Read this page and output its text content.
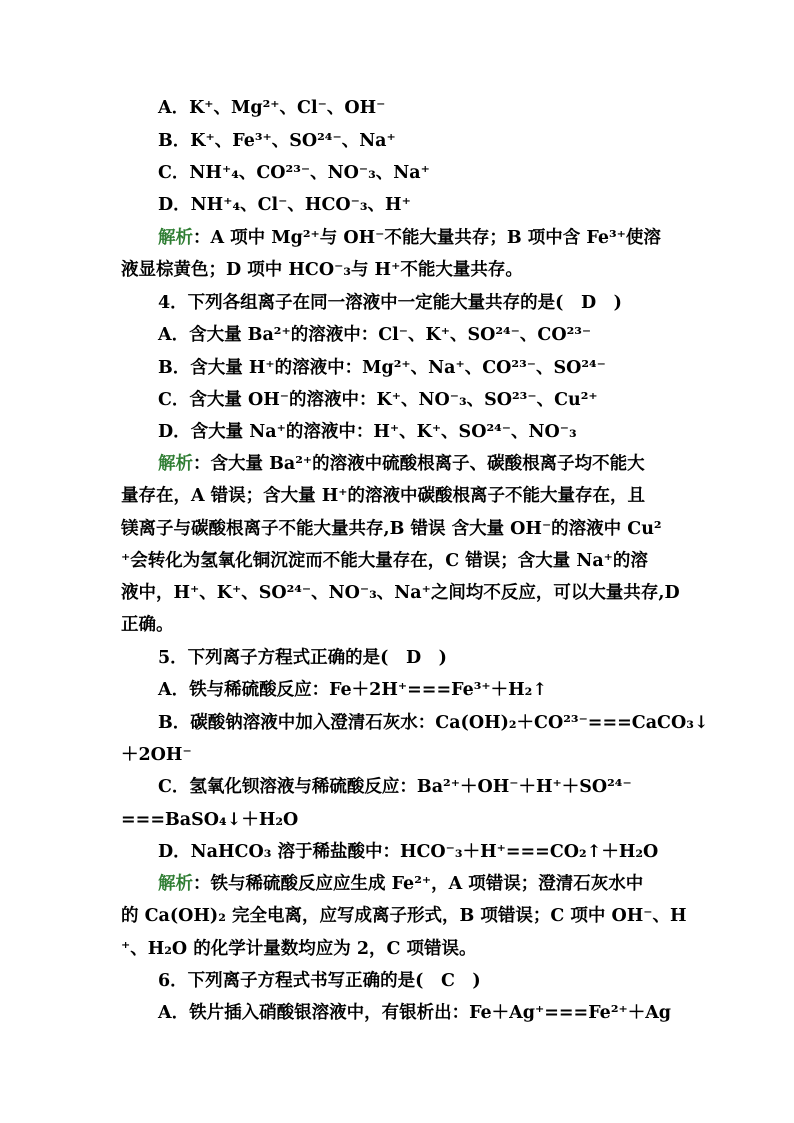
A．K⁺、Mg²⁺、Cl⁻、OH⁻
B．K⁺、Fe³⁺、SO²⁴⁻、Na⁺
C．NH⁺₄、CO²³⁻、NO⁻₃、Na⁺
D．NH⁺₄、Cl⁻、HCO⁻₃、H⁺
解析：A 项中 Mg²⁺与 OH⁻不能大量共存；B 项中含 Fe³⁺使溶
液显棕黄色；D 项中 HCO⁻₃与 H⁺不能大量共存。
4．下列各组离子在同一溶液中一定能大量共存的是(　D　)
A．含大量 Ba²⁺的溶液中：Cl⁻、K⁺、SO²⁴⁻、CO²³⁻
B．含大量 H⁺的溶液中：Mg²⁺、Na⁺、CO²³⁻、SO²⁴⁻
C．含大量 OH⁻的溶液中：K⁺、NO⁻₃、SO²³⁻、Cu²⁺
D．含大量 Na⁺的溶液中：H⁺、K⁺、SO²⁴⁻、NO⁻₃
解析：含大量 Ba²⁺的溶液中硫酸根离子、碳酸根离子均不能大
量存在，A 错误；含大量 H⁺的溶液中碳酸根离子不能大量存在，且
镁离子与碳酸根离子不能大量共存,B 错误 含大量 OH⁻的溶液中 Cu²
⁺会转化为氢氧化铜沉淀而不能大量存在，C 错误；含大量 Na⁺的溶
液中，H⁺、K⁺、SO²⁴⁻、NO⁻₃、Na⁺之间均不反应，可以大量共存,D
正确。
5．下列离子方程式正确的是(　D　)
A．铁与稀硫酸反应：Fe＋2H⁺===Fe³⁺＋H₂↑
B．碳酸钠溶液中加入澄清石灰水：Ca(OH)₂＋CO²³⁻===CaCO₃↓
＋2OH⁻
C．氢氧化钡溶液与稀硫酸反应：Ba²⁺＋OH⁻＋H⁺＋SO²⁴⁻
===BaSO₄↓＋H₂O
D．NaHCO₃ 溶于稀盐酸中：HCO⁻₃＋H⁺===CO₂↑＋H₂O
解析：铁与稀硫酸反应应生成 Fe²⁺，A 项错误；澄清石灰水中
的 Ca(OH)₂ 完全电离，应写成离子形式，B 项错误；C 项中 OH⁻、H
⁺、H₂O 的化学计量数均应为 2，C 项错误。
6．下列离子方程式书写正确的是(　C　)
A．铁片插入硝酸银溶液中，有银析出：Fe＋Ag⁺===Fe²⁺＋Ag
